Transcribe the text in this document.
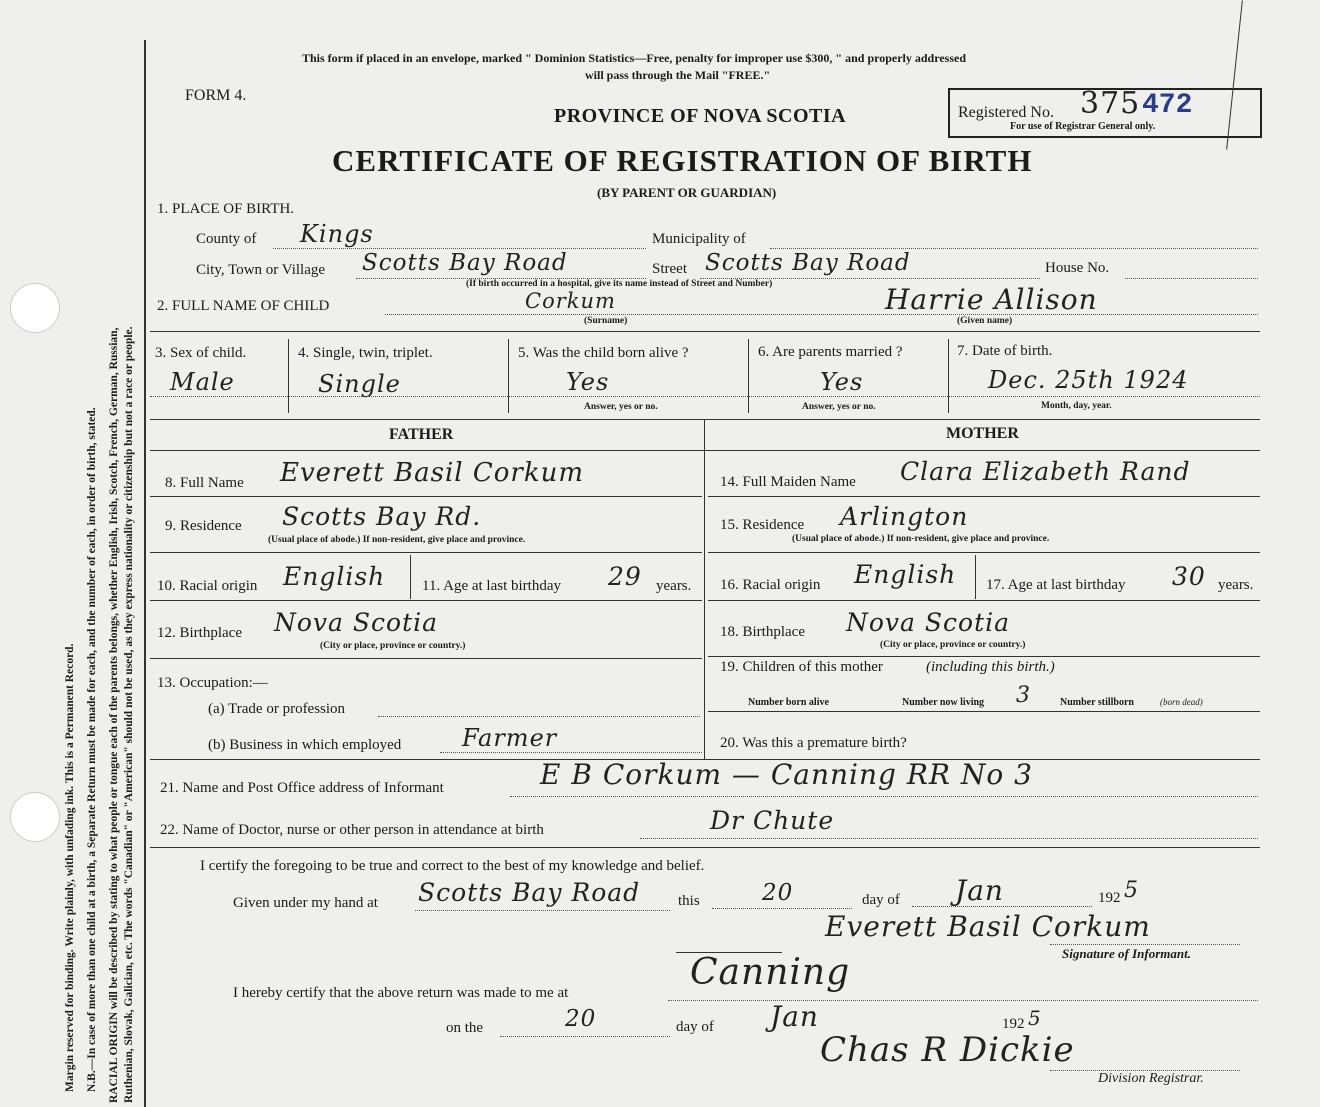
Margin reserved for binding. Write plainly, with unfading ink. This is a Permanent Record. N.B.—In case of more than one child at a birth, a Separate Return must be made for each, and the number of each, in order of birth, stated. RACIAL ORIGIN will be described by stating to what people or tongue each of the parents belongs, whether English, Irish, Scotch, French, German, Russian, Ruthenian, Slovak, Galician, etc. The words "Canadian" or "American" should not be used, as they express nationality or citizenship but not a race or people.
This form if placed in an envelope, marked " Dominion Statistics—Free, penalty for improper use $300, " and properly addressed
will pass through the Mail "FREE."
FORM 4.
PROVINCE OF NOVA SCOTIA
CERTIFICATE OF REGISTRATION OF BIRTH
(BY PARENT OR GUARDIAN)
Registered No. 375 472
For use of Registrar General only.
1. PLACE OF BIRTH.
County of Kings	Municipality of
City, Town or Village Scotts Bay Road	Street Scotts Bay Road	House No.
(If birth occurred in a hospital, give its name instead of Street and Number)
2. FULL NAME OF CHILD	Corkum
(Surname)
Harrie Allison
(Given name)
3. Sex of child.
Male
4. Single, twin, triplet.
Single
5. Was the child born alive ?
Yes
Answer, yes or no.
6. Are parents married ?
Yes
Answer, yes or no.
7. Date of birth.
Dec. 25th 1924
Month, day, year.
FATHER	MOTHER
8. Full Name Everett Basil Corkum
9. Residence Scotts Bay Rd.
(Usual place of abode.) If non-resident, give place and province.
10. Racial origin English 11. Age at last birthday 29 years.
12. Birthplace Nova Scotia
(City or place, province or country.)
13. Occupation:—
(a) Trade or profession
(b) Business in which employed	Farmer
14. Full Maiden Name Clara Elizabeth Rand
15. Residence Arlington
(Usual place of abode.) If non-resident, give place and province.
16. Racial origin English 17. Age at last birthday 30 years.
18. Birthplace Nova Scotia
(City or place, province or country.)
19. Children of this mother	(including this birth.)
Number born alive	Number now living 3	Number stillborn	(born dead)
20. Was this a premature birth?
21. Name and Post Office address of Informant	E B Corkum — Canning RR No 3
22. Name of Doctor, nurse or other person in attendance at birth	Dr Chute
I certify the foregoing to be true and correct to the best of my knowledge and belief.
Given under my hand at Scotts Bay Road	this	20	day of Jan	192 5
Everett Basil Corkum
Signature of Informant.
I hereby certify that the above return was made to me at	Canning
on the	20	day of Jan	192 5
Chas R Dickie
Division Registrar.
